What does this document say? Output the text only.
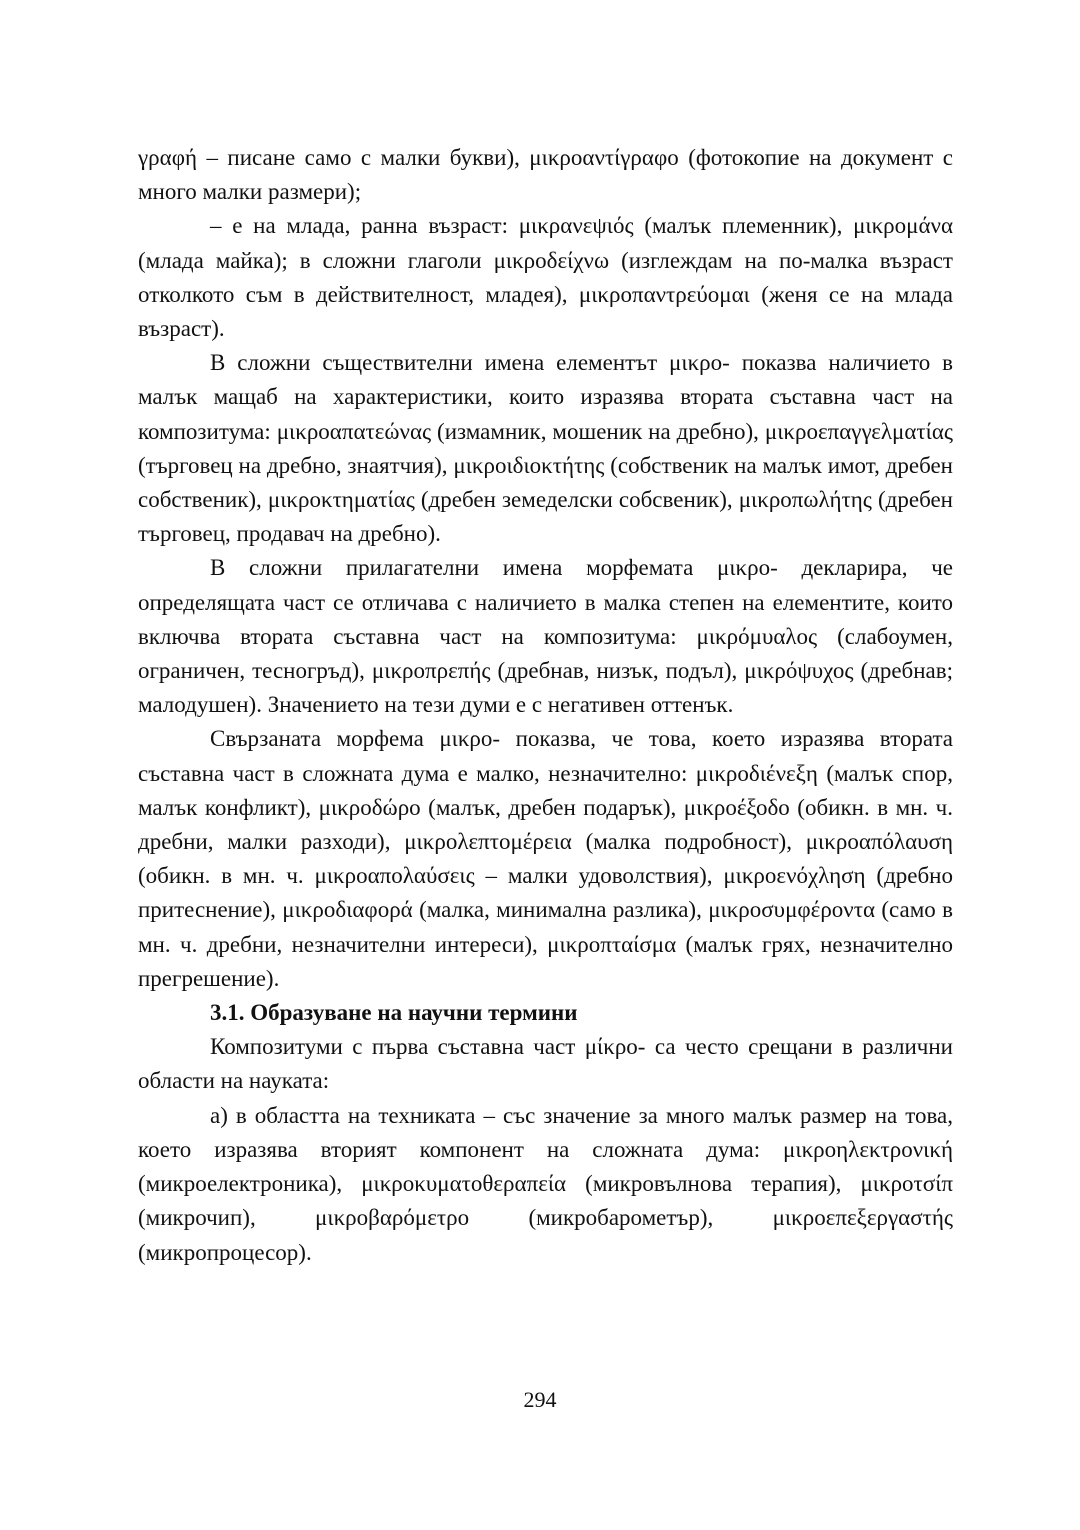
γραφή – писане само с малки букви), μικροαντίγραφο (фотокопие на документ с много малки размери);

– е на млада, ранна възраст: μικρανεψιός (малък племенник), μικρομάνα (млада майка); в сложни глаголи μικροδείχνω (изглеждам на по-малка възраст отколкото съм в действителност, младея), μικροπαντρεύομαι (женя се на млада възраст).

В сложни съществителни имена елементът μικρο- показва наличието в малък мащаб на характеристики, които изразява втората съставна част на композитума: μικροαπατεώνας (измамник, мошеник на дребно), μικροεπαγγελματίας (търговец на дребно, знаятчия), μικροιδιοκτήτης (собственик на малък имот, дребен собственик), μικροκτηματίας (дребен земеделски собсвеник), μικροπωλήτης (дребен търговец, продавач на дребно).

В сложни прилагателни имена морфемата μικρο- декларира, че определящата част се отличава с наличието в малка степен на елементите, които включва втората съставна част на композитума: μικρόμυαλος (слабоумен, ограничен, тесногръд), μικροπρεπής (дребнав, низък, подъл), μικρόψυχος (дребнав; малодушен). Значението на тези думи е с негативен оттенък.

Свързаната морфема μικρο- показва, че това, което изразява втората съставна част в сложната дума е малко, незначително: μικροδιένεξη (малък спор, малък конфликт), μικροδώρο (малък, дребен подарък), μικροέξοδο (обикн. в мн. ч. дребни, малки разходи), μικρολεπτομέρεια (малка подробност), μικροαπόλαυση (обикн. в мн. ч. μικροαπολαύσεις – малки удоволствия), μικροενόχληση (дребно притеснение), μικροδιαφορά (малка, минимална разлика), μικροσυμφέροντα (само в мн. ч. дребни, незначителни интереси), μικροπταίσμα (малък грях, незначително прегрешение).

3.1. Образуване на научни термини

Композитуми с първа съставна част μίκρο- са често срещани в различни области на науката:

а) в областта на техниката – със значение за много малък размер на това, което изразява вторият компонент на сложната дума: μικροηλεκτρονική (микроелектроника), μικροκυματοθεραπεία (микровълнова терапия), μικροτσίπ (микрочип), μικροβαρόμετρο (микробарометър), μικροεπεξεργαστής (микропроцесор).

294
